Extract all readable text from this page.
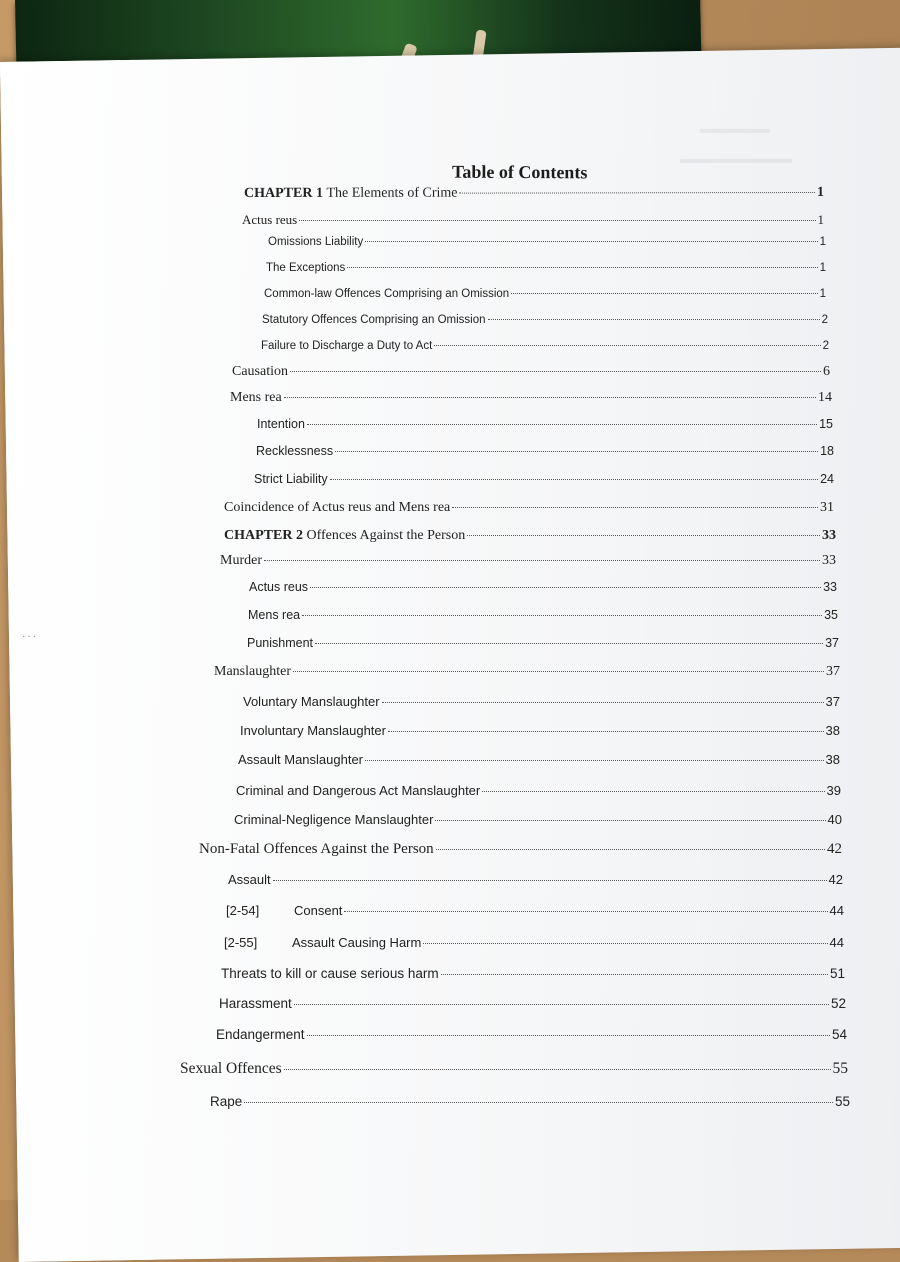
▬▬▬▬▬
▬▬▬▬▬▬▬▬
···
Table of Contents
CHAPTER 1 The Elements of Crime	1
Actus reus	1
Omissions Liability	1
The Exceptions	1
Common-law Offences Comprising an Omission	1
Statutory Offences Comprising an Omission	2
Failure to Discharge a Duty to Act	2
Causation	6
Mens rea	14
Intention	15
Recklessness	18
Strict Liability	24
Coincidence of Actus reus and Mens rea	31
CHAPTER 2 Offences Against the Person	33
Murder	33
Actus reus	33
Mens rea	35
Punishment	37
Manslaughter	37
Voluntary Manslaughter	37
Involuntary Manslaughter	38
Assault Manslaughter	38
Criminal and Dangerous Act Manslaughter	39
Criminal-Negligence Manslaughter	40
Non-Fatal Offences Against the Person	42
Assault	42
[2-54]	Consent	44
[2-55]	Assault Causing Harm	44
Threats to kill or cause serious harm	51
Harassment	52
Endangerment	54
Sexual Offences	55
Rape	55
